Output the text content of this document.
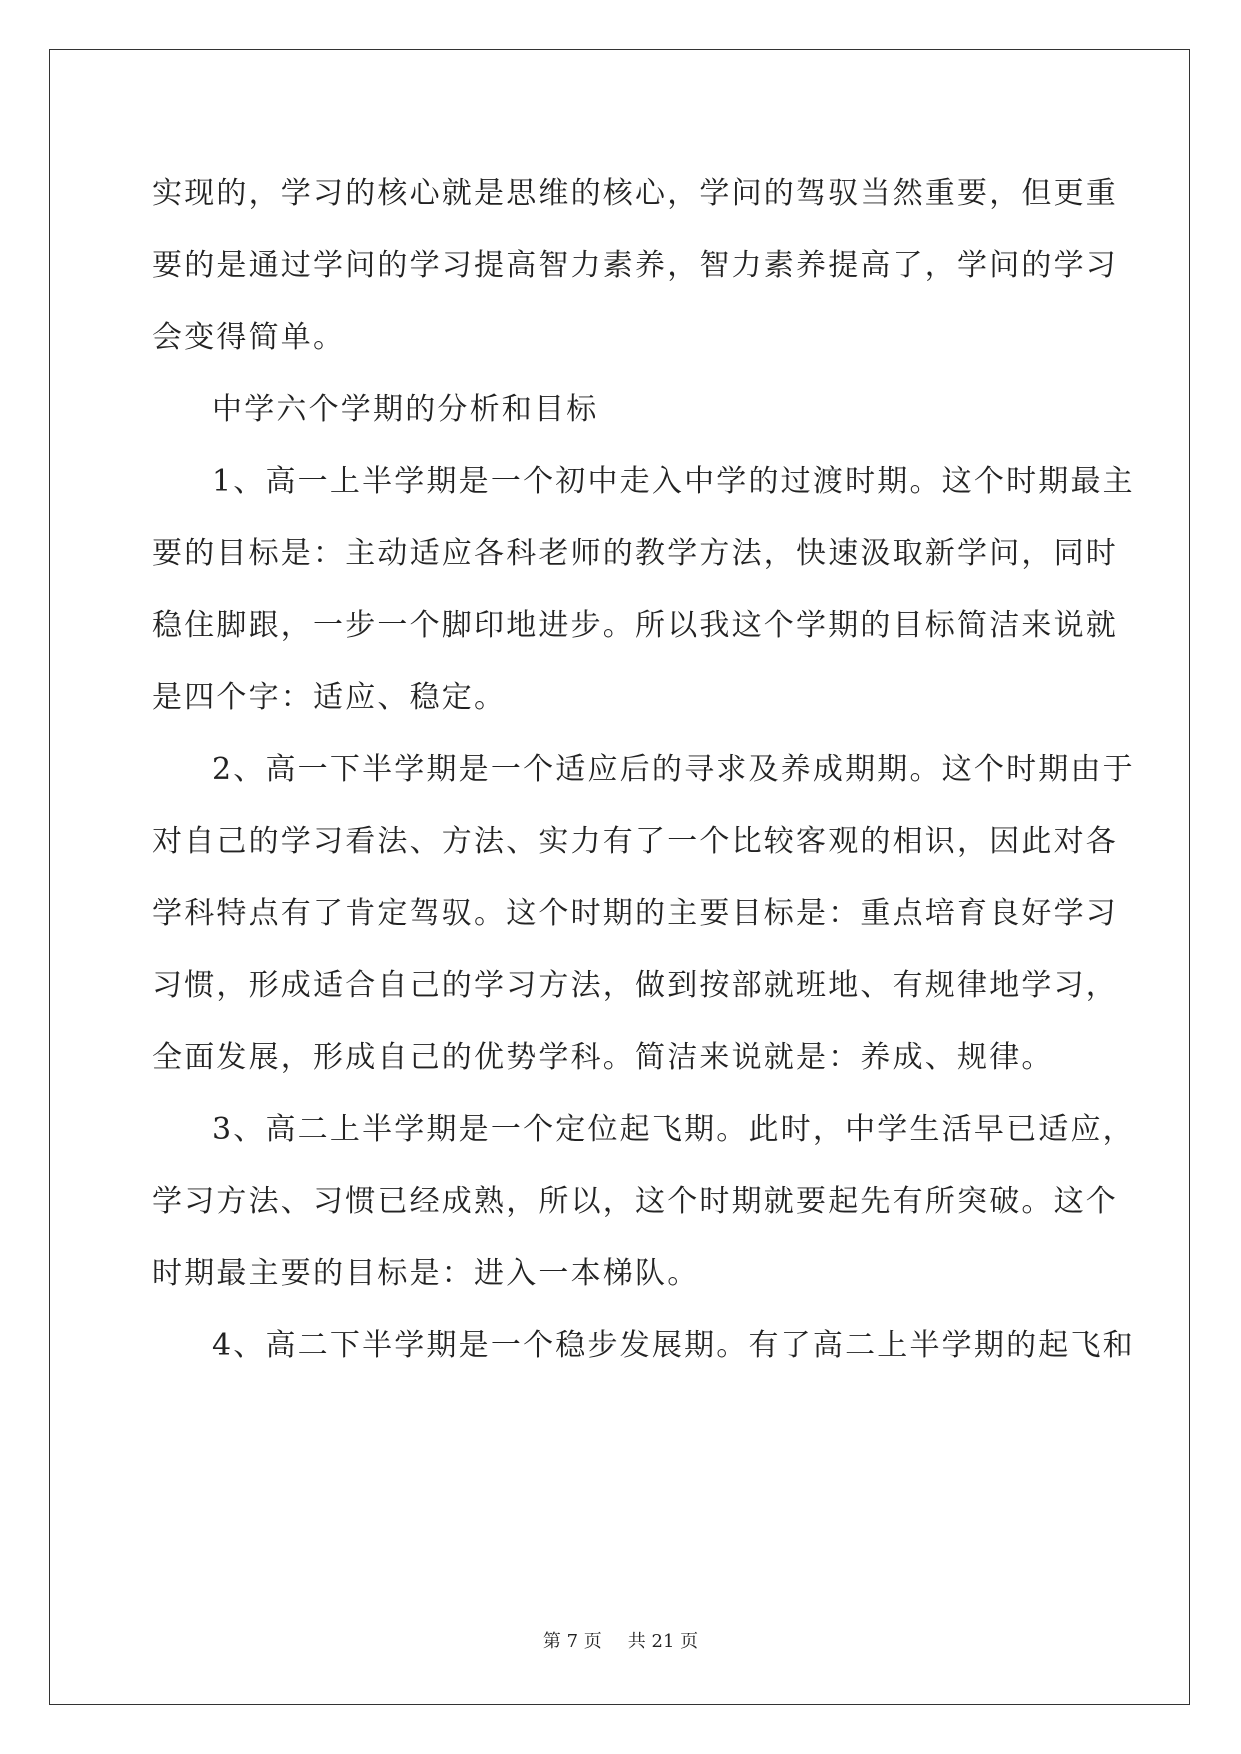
实现的，学习的核心就是思维的核心，学问的驾驭当然重要，但更重
要的是通过学问的学习提高智力素养，智力素养提高了，学问的学习
会变得简单。
中学六个学期的分析和目标
1、高一上半学期是一个初中走入中学的过渡时期。这个时期最主
要的目标是：主动适应各科老师的教学方法，快速汲取新学问，同时
稳住脚跟，一步一个脚印地进步。所以我这个学期的目标简洁来说就
是四个字：适应、稳定。
2、高一下半学期是一个适应后的寻求及养成期期。这个时期由于
对自己的学习看法、方法、实力有了一个比较客观的相识，因此对各
学科特点有了肯定驾驭。这个时期的主要目标是：重点培育良好学习
习惯，形成适合自己的学习方法，做到按部就班地、有规律地学习，
全面发展，形成自己的优势学科。简洁来说就是：养成、规律。
3、高二上半学期是一个定位起飞期。此时，中学生活早已适应，
学习方法、习惯已经成熟，所以，这个时期就要起先有所突破。这个
时期最主要的目标是：进入一本梯队。
4、高二下半学期是一个稳步发展期。有了高二上半学期的起飞和
第 7 页 共 21 页
